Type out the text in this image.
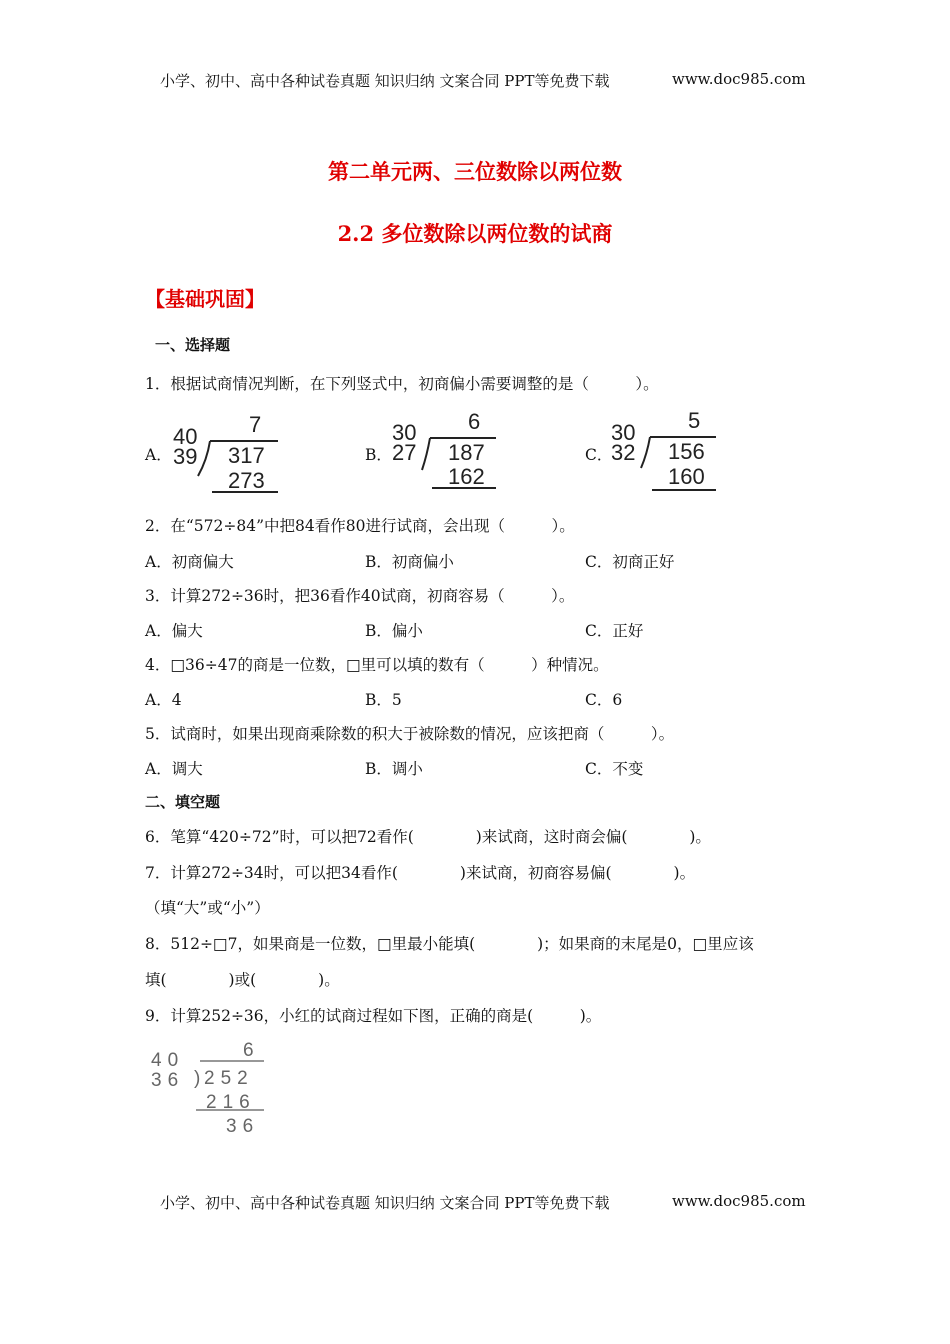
小学、初中、高中各种试卷真题 知识归纳 文案合同 PPT等免费下载	www.doc985.com
第二单元两、三位数除以两位数
2.2 多位数除以两位数的试商
【基础巩固】
一、选择题
1．根据试商情况判断，在下列竖式中，初商偏小需要调整的是（　　　）。
A．
7
40
39 317
273
B．
6
30
27 187
162
C．
5
30
32 156
160
2．在“572÷84”中把84看作80进行试商，会出现（　　　）。
A．初商偏大	B．初商偏小	C．初商正好
3．计算272÷36时，把36看作40试商，初商容易（　　　）。
A．偏大	B．偏小	C．正好
4．□36÷47的商是一位数，□里可以填的数有（　　　）种情况。
A．4	B．5	C．6
5．试商时，如果出现商乘除数的积大于被除数的情况，应该把商（　　　）。
A．调大	B．调小	C．不变
二、填空题
6．笔算“420÷72”时，可以把72看作(　　　　)来试商，这时商会偏(　　　　)。
7．计算272÷34时，可以把34看作(　　　　)来试商，初商容易偏(　　　　)。
（填“大”或“小”）
8．512÷□7，如果商是一位数，□里最小能填(　　　　)；如果商的末尾是0，□里应该
填(　　　　)或(　　　　)。
9．计算252÷36，小红的试商过程如下图，正确的商是(　　　)。
6
40
36 )
252
216
36
小学、初中、高中各种试卷真题 知识归纳 文案合同 PPT等免费下载	www.doc985.com
